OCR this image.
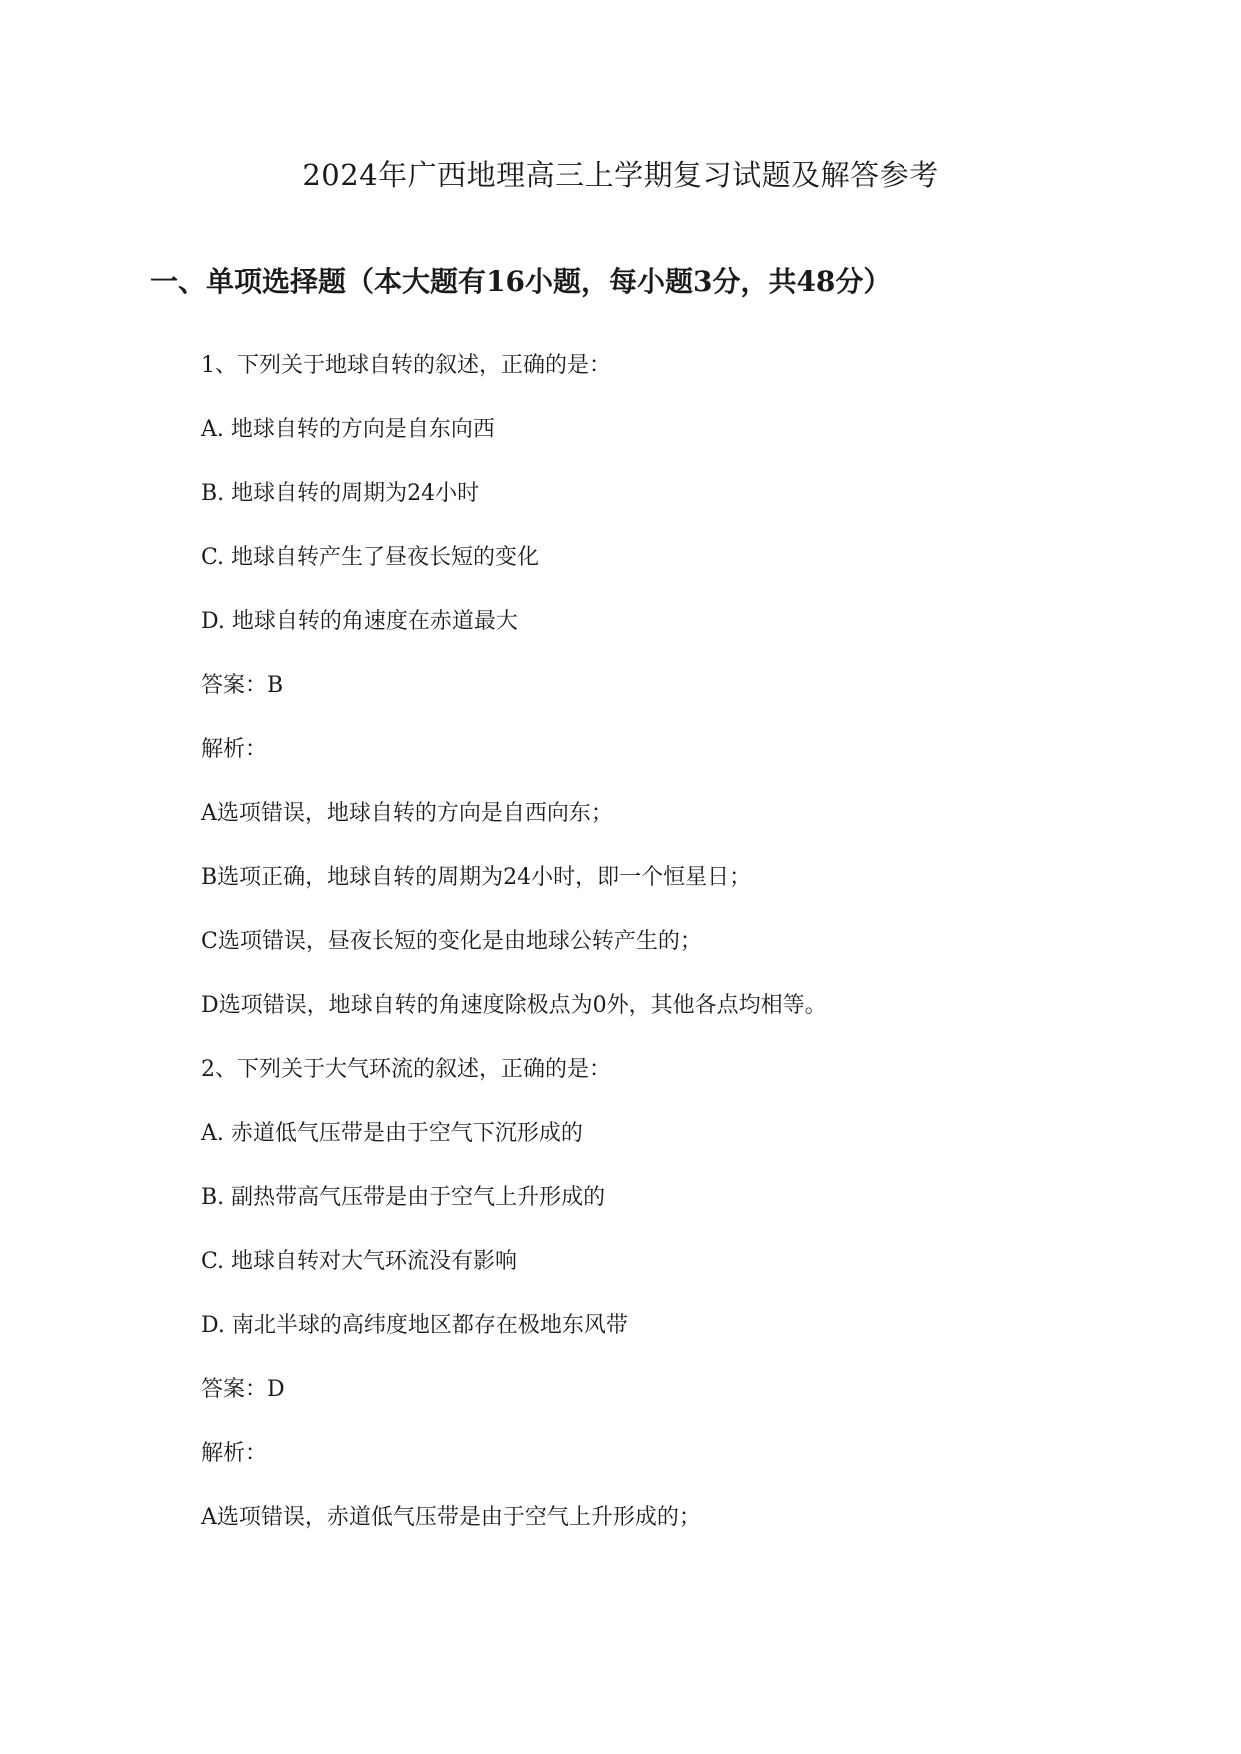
2024年广西地理高三上学期复习试题及解答参考
一、单项选择题（本大题有16小题，每小题3分，共48分）
1、下列关于地球自转的叙述，正确的是：
A. 地球自转的方向是自东向西
B. 地球自转的周期为24小时
C. 地球自转产生了昼夜长短的变化
D. 地球自转的角速度在赤道最大
答案：B
解析：
A选项错误，地球自转的方向是自西向东；
B选项正确，地球自转的周期为24小时，即一个恒星日；
C选项错误，昼夜长短的变化是由地球公转产生的；
D选项错误，地球自转的角速度除极点为0外，其他各点均相等。
2、下列关于大气环流的叙述，正确的是：
A. 赤道低气压带是由于空气下沉形成的
B. 副热带高气压带是由于空气上升形成的
C. 地球自转对大气环流没有影响
D. 南北半球的高纬度地区都存在极地东风带
答案：D
解析：
A选项错误，赤道低气压带是由于空气上升形成的；
